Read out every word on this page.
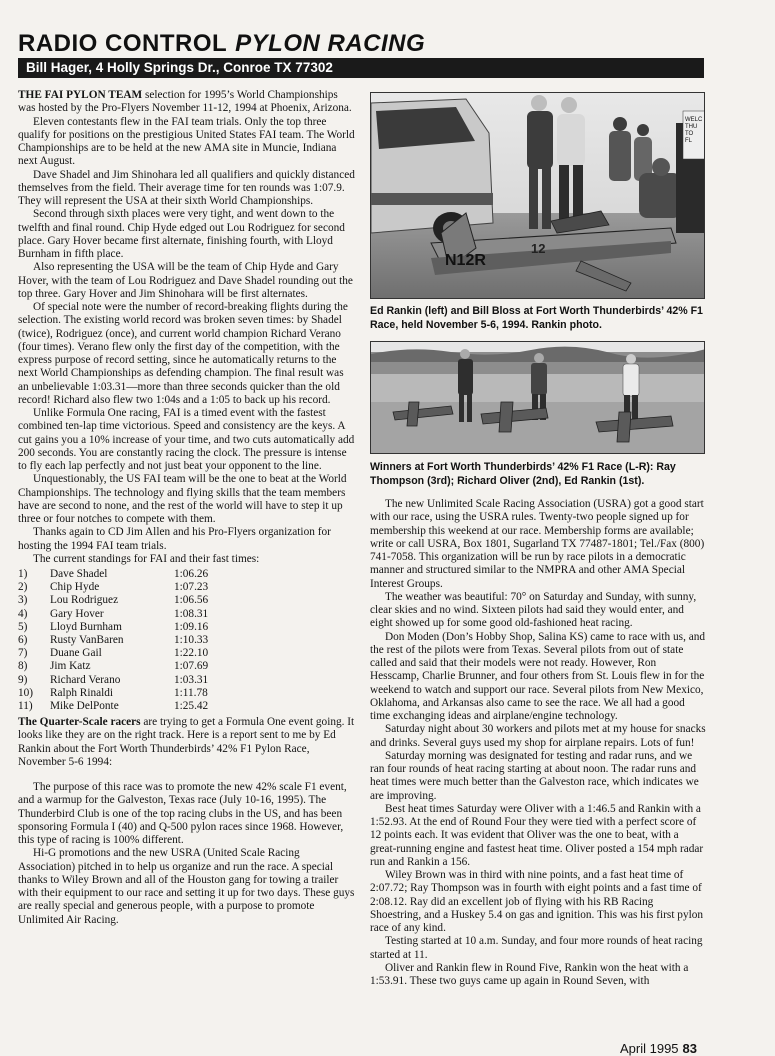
RADIO CONTROL PYLON RACING
Bill Hager, 4 Holly Springs Dr., Conroe TX 77302

THE FAI PYLON TEAM selection for 1995’s World Championships was hosted by the Pro-Flyers November 11-12, 1994 at Phoenix, Arizona.

Eleven contestants flew in the FAI team trials. Only the top three qualify for positions on the prestigious United States FAI team. The World Championships are to be held at the new AMA site in Muncie, Indiana next August.

Dave Shadel and Jim Shinohara led all qualifiers and quickly distanced themselves from the field. Their average time for ten rounds was 1:07.9. They will represent the USA at their sixth World Championships.

Second through sixth places were very tight, and went down to the twelfth and final round. Chip Hyde edged out Lou Rodriguez for second place. Gary Hover became first alternate, finishing fourth, with Lloyd Burnham in fifth place.

Also representing the USA will be the team of Chip Hyde and Gary Hover, with the team of Lou Rodriguez and Dave Shadel rounding out the top three. Gary Hover and Jim Shinohara will be first alternates.

Of special note were the number of record-breaking flights during the selection. The existing world record was broken seven times: by Shadel (twice), Rodriguez (once), and current world champion Richard Verano (four times). Verano flew only the first day of the competition, with the express purpose of record setting, since he automatically returns to the next World Championships as defending champion. The final result was an unbelievable 1:03.31—more than three seconds quicker than the old record! Richard also flew two 1:04s and a 1:05 to back up his record.

Unlike Formula One racing, FAI is a timed event with the fastest combined ten-lap time victorious. Speed and consistency are the keys. A cut gains you a 10% increase of your time, and two cuts automatically add 200 seconds. You are constantly racing the clock. The pressure is intense to fly each lap perfectly and not just beat your opponent to the line.

Unquestionably, the US FAI team will be the one to beat at the World Championships. The technology and flying skills that the team members have are second to none, and the rest of the world will have to step it up three or four notches to compete with them.

Thanks again to CD Jim Allen and his Pro-Flyers organization for hosting the 1994 FAI team trials.

The current standings for FAI and their fast times:

1)	Dave Shadel	1:06.26
2)	Chip Hyde	1:07.23
3)	Lou Rodriguez	1:06.56
4)	Gary Hover	1:08.31
5)	Lloyd Burnham	1:09.16
6)	Rusty VanBaren	1:10.33
7)	Duane Gail	1:22.10
8)	Jim Katz	1:07.69
9)	Richard Verano	1:03.31
10)	Ralph Rinaldi	1:11.78
11)	Mike DelPonte	1:25.42

The Quarter-Scale racers are trying to get a Formula One event going. It looks like they are on the right track. Here is a report sent to me by Ed Rankin about the Fort Worth Thunderbirds’ 42% F1 Pylon Race, November 5-6 1994:

The purpose of this race was to promote the new 42% scale F1 event, and a warmup for the Galveston, Texas race (July 10-16, 1995). The Thunderbird Club is one of the top racing clubs in the US, and has been sponsoring Formula I (40) and Q-500 pylon races since 1968. However, this type of racing is 100% different.

Hi-G promotions and the new USRA (United Scale Racing Association) pitched in to help us organize and run the race. A special thanks to Wiley Brown and all of the Houston gang for towing a trailer with their equipment to our race and setting it up for two days. These guys are really special and generous people, with a purpose to promote Unlimited Air Racing.

WELC THU TO FL
N12R
12
Ed Rankin (left) and Bill Bloss at Fort Worth Thunderbirds’ 42% F1 Race, held November 5-6, 1994. Rankin photo.
Winners at Fort Worth Thunderbirds’ 42% F1 Race (L-R): Ray Thompson (3rd); Richard Oliver (2nd), Ed Rankin (1st).

The new Unlimited Scale Racing Association (USRA) got a good start with our race, using the USRA rules. Twenty-two people signed up for membership this weekend at our race. Membership forms are available; write or call USRA, Box 1801, Sugarland TX 77487-1801; Tel./Fax (800) 741-7058. This organization will be run by race pilots in a democratic manner and structured similar to the NMPRA and other AMA Special Interest Groups.

The weather was beautiful: 70° on Saturday and Sunday, with sunny, clear skies and no wind. Sixteen pilots had said they would enter, and eight showed up for some good old-fashioned heat racing.

Don Moden (Don’s Hobby Shop, Salina KS) came to race with us, and the rest of the pilots were from Texas. Several pilots from out of state called and said that their models were not ready. However, Ron Hesscamp, Charlie Brunner, and four others from St. Louis flew in for the weekend to watch and support our race. Several pilots from New Mexico, Oklahoma, and Arkansas also came to see the race. We all had a good time exchanging ideas and airplane/engine technology.

Saturday night about 30 workers and pilots met at my house for snacks and drinks. Several guys used my shop for airplane repairs. Lots of fun!

Saturday morning was designated for testing and radar runs, and we ran four rounds of heat racing starting at about noon. The radar runs and heat times were much better than the Galveston race, which indicates we are improving.

Best heat times Saturday were Oliver with a 1:46.5 and Rankin with a 1:52.93. At the end of Round Four they were tied with a perfect score of 12 points each. It was evident that Oliver was the one to beat, with a great-running engine and fastest heat time. Oliver posted a 154 mph radar run and Rankin a 156.

Wiley Brown was in third with nine points, and a fast heat time of 2:07.72; Ray Thompson was in fourth with eight points and a fast time of 2:08.12. Ray did an excellent job of flying with his RB Racing Shoestring, and a Huskey 5.4 on gas and ignition. This was his first pylon race of any kind.

Testing started at 10 a.m. Sunday, and four more rounds of heat racing started at 11.

Oliver and Rankin flew in Round Five, Rankin won the heat with a 1:53.91. These two guys came up again in Round Seven, with

April 1995 83
